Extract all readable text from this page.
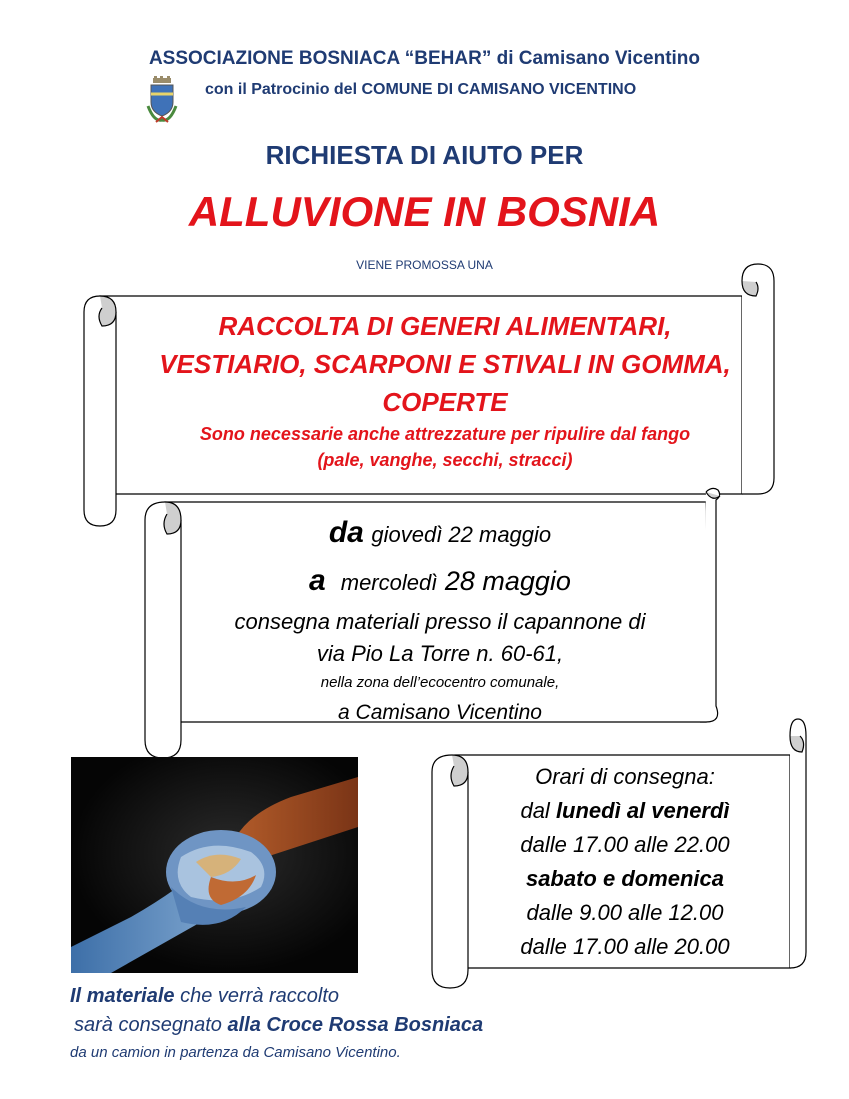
ASSOCIAZIONE BOSNIACA “BEHAR” di Camisano Vicentino
con il Patrocinio del COMUNE DI CAMISANO VICENTINO
RICHIESTA DI AIUTO PER
ALLUVIONE IN BOSNIA
VIENE PROMOSSA UNA
RACCOLTA DI GENERI ALIMENTARI,
VESTIARIO, SCARPONI E STIVALI IN GOMMA,
COPERTE
Sono necessarie anche attrezzature per ripulire dal fango
(pale, vanghe, secchi, stracci)
da giovedì 22 maggio
a mercoledì 28 maggio
consegna materiali presso il capannone di
via Pio La Torre n. 60-61,
nella zona dell’ecocentro comunale,
a Camisano Vicentino
Orari di consegna:
dal lunedì al venerdì
dalle 17.00 alle 22.00
sabato e domenica
dalle 9.00 alle 12.00
dalle 17.00 alle 20.00
Il materiale che verrà raccolto
sarà consegnato alla Croce Rossa Bosniaca
da un camion in partenza da Camisano Vicentino.
